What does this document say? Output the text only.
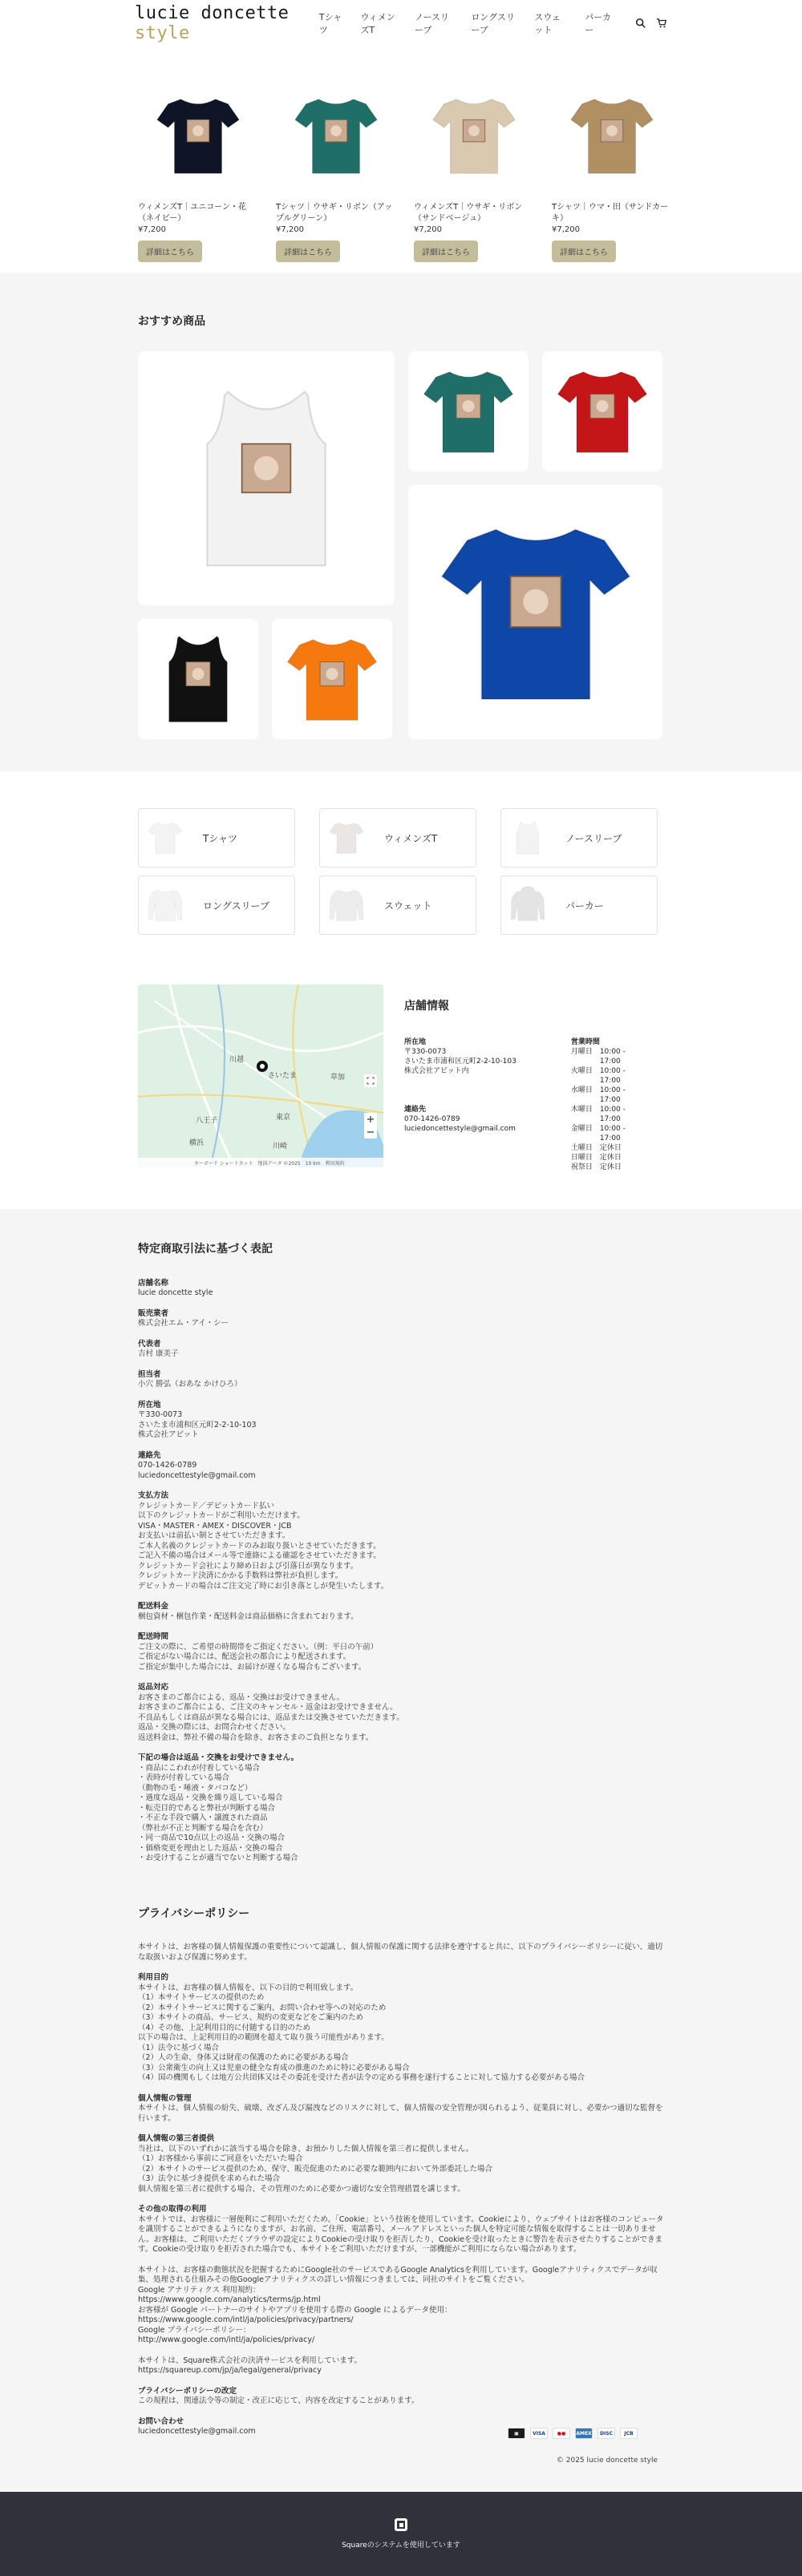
lucie doncette style
Tシャツ
ウィメンズT
ノースリーブ
ロングスリーブ
スウェット
パーカー
ウィメンズT｜ユニコーン・花（ネイビー）
¥7,200
詳細はこちら
Tシャツ｜ウサギ・リボン（アップルグリーン）
¥7,200
詳細はこちら
ウィメンズT｜ウサギ・リボン（サンドベージュ）
¥7,200
詳細はこちら
Tシャツ｜ウマ・田（サンドカーキ）
¥7,200
詳細はこちら
おすすめ商品
Tシャツ	ウィメンズT	ノースリーブ
ロングスリーブ	スウェット	パーカー
さいたま
東京
川崎
横浜
八王子
川越
草加
キーボード ショートカット　地図データ ©2025　10 km　利用規約
店舗情報
所在地
〒330-0073
さいたま市浦和区元町2-2-10-103
株式会社アビット内
連絡先
070-1426-0789
luciedoncettestyle@gmail.com
営業時間
月曜日 10:00 - 17:00
火曜日 10:00 - 17:00
水曜日 10:00 - 17:00
木曜日 10:00 - 17:00
金曜日 10:00 - 17:00
土曜日 定休日
日曜日 定休日
祝祭日 定休日
特定商取引法に基づく表記
店舗名称
lucie doncette style
販売業者
株式会社エム・アイ・シー
代表者
吉村 康美子
担当者
小穴 勝弘（おあな かけひろ）
所在地
〒330-0073
さいたま市浦和区元町2-2-10-103
株式会社アビット
連絡先
070-1426-0789
luciedoncettestyle@gmail.com
支払方法
クレジットカード／デビットカード払い
以下のクレジットカードがご利用いただけます。
VISA・MASTER・AMEX・DISCOVER・JCB
お支払いは前払い制とさせていただきます。
ご本人名義のクレジットカードのみお取り扱いとさせていただきます。
ご記入不備の場合はメール等で連絡による確認をさせていただきます。
クレジットカード会社により締め日および引落日が異なります。
クレジットカード決済にかかる手数料は弊社が負担します。
デビットカードの場合はご注文完了時にお引き落としが発生いたします。
配送料金
梱包資材・梱包作業・配送料金は商品価格に含まれております。
配送時間
ご注文の際に、ご希望の時間帯をご指定ください。（例：平日の午前）
ご指定がない場合には、配送会社の都合により配送されます。
ご指定が集中した場合には、お届けが遅くなる場合もございます。
返品対応
お客さまのご都合による、返品・交換はお受けできません。
お客さまのご都合による、ご注文のキャンセル・返金はお受けできません。
不良品もしくは商品が異なる場合には、返品または交換させていただきます。
返品・交換の際には、お問合わせください。
返送料金は、弊社不備の場合を除き、お客さまのご負担となります。
下記の場合は返品・交換をお受けできません。
・商品にこわれが付着している場合
・表時が付着している場合
（動物の毛・唾液・タバコなど）
・過度な返品・交換を繰り返している場合
・転売目的であると弊社が判断する場合
・不正な手段で購入・譲渡された商品
（弊社が不正と判断する場合を含む）
・同一商品で10点以上の返品・交換の場合
・価格変更を理由とした返品・交換の場合
・お受けすることが適当でないと判断する場合
プライバシーポリシー
本サイトは、お客様の個人情報保護の重要性について認識し、個人情報の保護に関する法律を遵守すると共に、以下のプライバシーポリシーに従い、適切な取扱いおよび保護に努めます。
利用目的
本サイトは、お客様の個人情報を、以下の目的で利用致します。
（1）本サイトサービスの提供のため
（2）本サイトサービスに関するご案内、お問い合わせ等への対応のため
（3）本サイトの商品、サービス、規約の変更などをご案内のため
（4）その他、上記利用目的に付随する目的のため
以下の場合は、上記利用目的の範囲を超えて取り扱う可能性があります。
（1）法令に基づく場合
（2）人の生命、身体又は財産の保護のために必要がある場合
（3）公衆衛生の向上又は児童の健全な育成の推進のために特に必要がある場合
（4）国の機関もしくは地方公共団体又はその委託を受けた者が法令の定める事務を遂行することに対して協力する必要がある場合
個人情報の管理
本サイトは、個人情報の紛失、破壊、改ざん及び漏洩などのリスクに対して、個人情報の安全管理が図られるよう、従業員に対し、必要かつ適切な監督を行います。
個人情報の第三者提供
当社は、以下のいずれかに該当する場合を除き、お預かりした個人情報を第三者に提供しません。
（1）お客様から事前にご同意をいただいた場合
（2）本サイトのサービス提供のため、保守、販売促進のために必要な範囲内において外部委託した場合
（3）法令に基づき提供を求められた場合
個人情報を第三者に提供する場合、その管理のために必要かつ適切な安全管理措置を講じます。
その他の取得の利用
本サイトでは、お客様に一層便利にご利用いただくため、「Cookie」という技術を使用しています。Cookieにより、ウェブサイトはお客様のコンピュータを識別することができるようになりますが、お名前、ご住所、電話番号、メールアドレスといった個人を特定可能な情報を取得することは一切ありません。お客様は、ご利用いただくブラウザの設定によりCookieの受け取りを拒否したり、Cookieを受け取ったときに警告を表示させたりすることができます。Cookieの受け取りを拒否された場合でも、本サイトをご利用いただけますが、一部機能がご利用にならない場合があります。
本サイトは、お客様の動態状況を把握するためにGoogle社のサービスであるGoogle Analyticsを利用しています。Googleアナリティクスでデータが収集、処理される仕組みその他Googleアナリティクスの詳しい情報につきましては、同社のサイトをご覧ください。
Google アナリティクス 利用規約：
https://www.google.com/analytics/terms/jp.html
お客様が Google パートナーのサイトやアプリを使用する際の Google によるデータ使用：
https://www.google.com/intl/ja/policies/privacy/partners/
Google プライバシーポリシー：
http://www.google.com/intl/ja/policies/privacy/
本サイトは、Square株式会社の決済サービスを利用しています。
https://squareup.com/jp/ja/legal/general/privacy
プライバシーポリシーの改定
この規程は、関連法令等の制定・改正に応じて、内容を改定することがあります。
お問い合わせ
luciedoncettestyle@gmail.com	▣	VISA	●●	AMEX	DISC	JCB
© 2025 lucie doncette style
Squareのシステムを使用しています
